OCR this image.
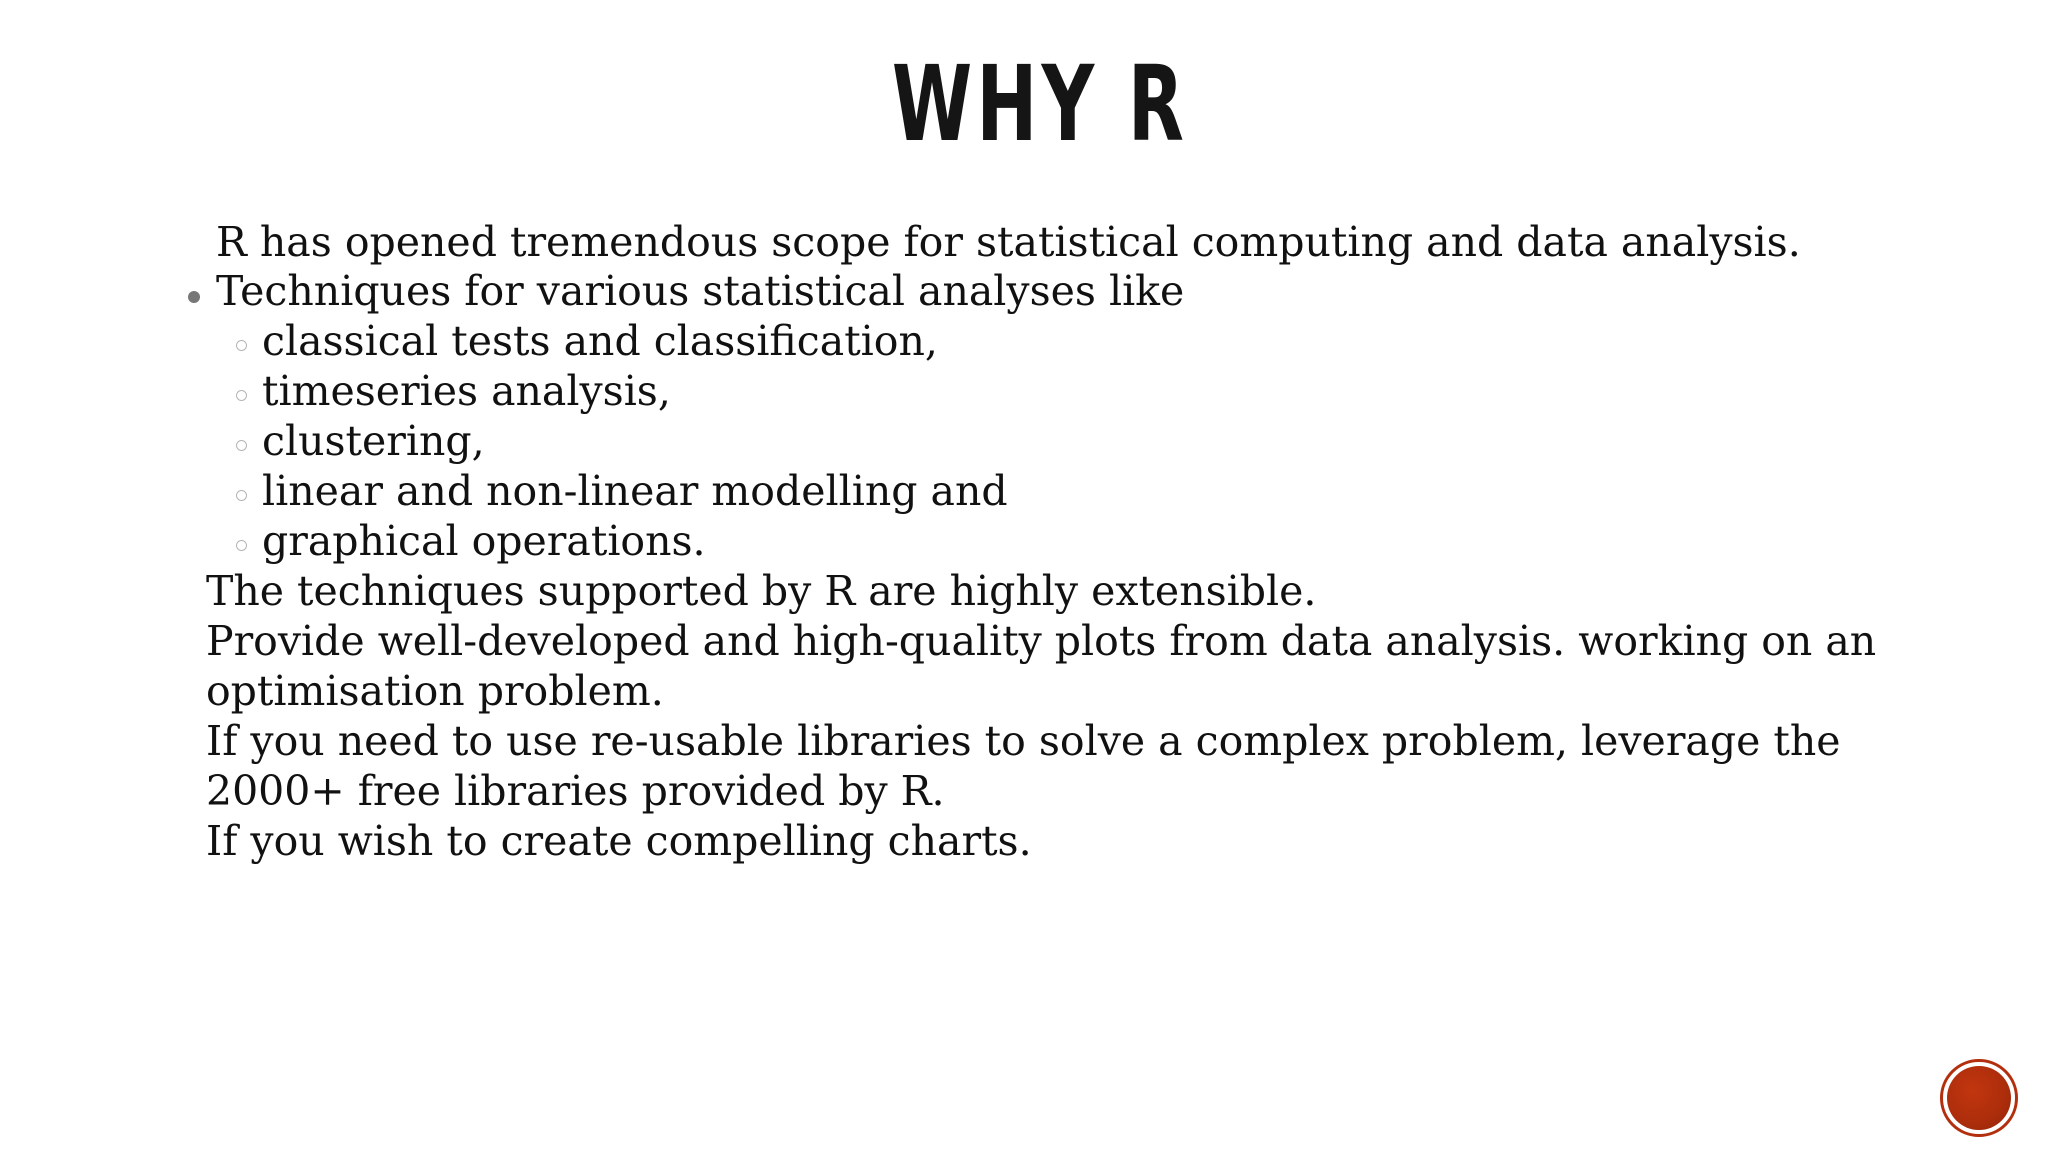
WHY R
R has opened tremendous scope for statistical computing and data analysis.
Techniques for various statistical analyses like
classical tests and classification,
timeseries analysis,
clustering,
linear and non-linear modelling and
graphical operations.
The techniques supported by R are highly extensible.
Provide well-developed and high-quality plots from data analysis. working on an
optimisation problem.
If you need to use re-usable libraries to solve a complex problem, leverage the
2000+ free libraries provided by R.
If you wish to create compelling charts.
